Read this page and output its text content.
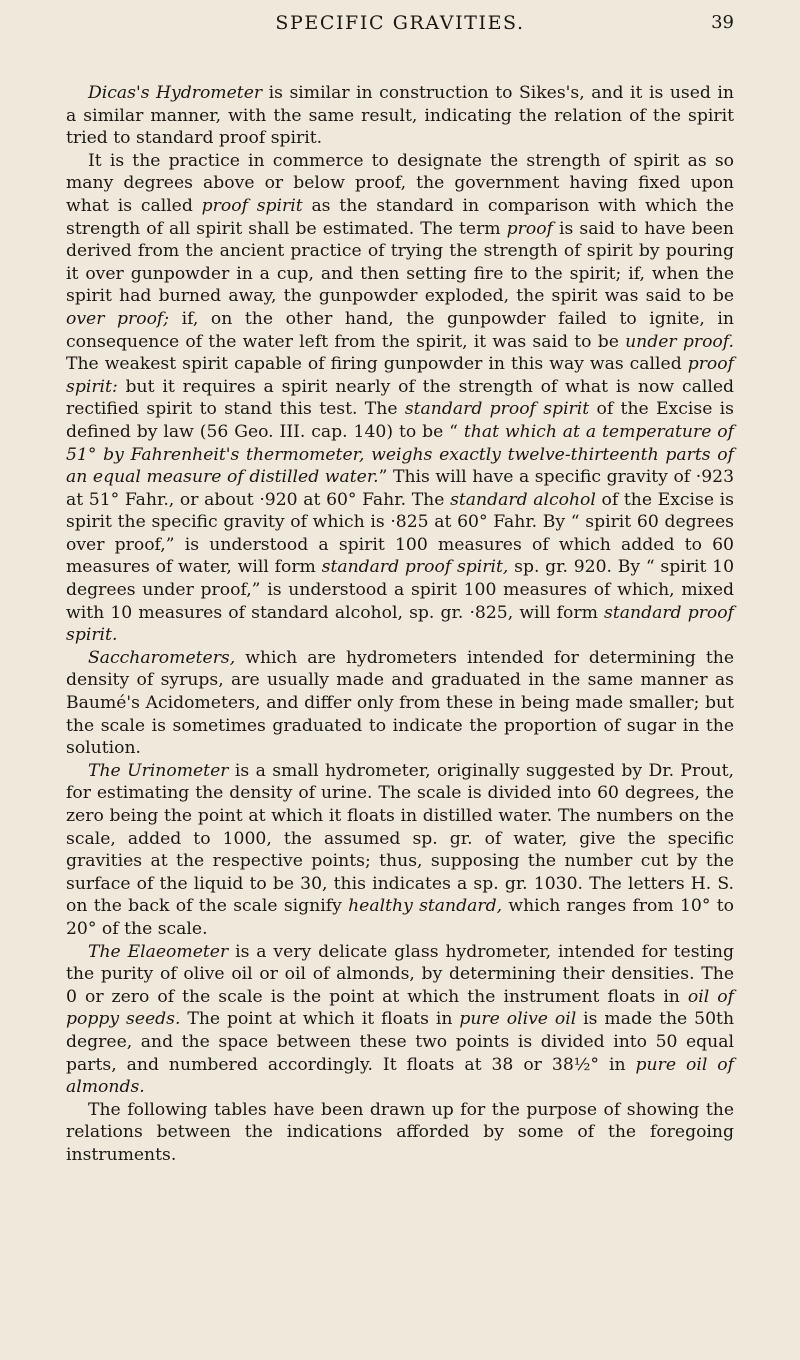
SPECIFIC GRAVITIES.	39

Dicas's Hydrometer is similar in construction to Sikes's, and it is used in a similar manner, with the same result, indicating the relation of the spirit tried to standard proof spirit.

It is the practice in commerce to designate the strength of spirit as so many degrees above or below proof, the government having fixed upon what is called proof spirit as the standard in comparison with which the strength of all spirit shall be estimated. The term proof is said to have been derived from the ancient practice of trying the strength of spirit by pouring it over gunpowder in a cup, and then setting fire to the spirit; if, when the spirit had burned away, the gunpowder exploded, the spirit was said to be over proof; if, on the other hand, the gunpowder failed to ignite, in consequence of the water left from the spirit, it was said to be under proof. The weakest spirit capable of firing gunpowder in this way was called proof spirit: but it requires a spirit nearly of the strength of what is now called rectified spirit to stand this test. The standard proof spirit of the Excise is defined by law (56 Geo. III. cap. 140) to be “ that which at a temperature of 51° by Fahrenheit's thermometer, weighs exactly twelve-thirteenth parts of an equal measure of distilled water.” This will have a specific gravity of ·923 at 51° Fahr., or about ·920 at 60° Fahr. The standard alcohol of the Excise is spirit the specific gravity of which is ·825 at 60° Fahr. By “ spirit 60 degrees over proof,” is understood a spirit 100 measures of which added to 60 measures of water, will form standard proof spirit, sp. gr. 920. By “ spirit 10 degrees under proof,” is understood a spirit 100 measures of which, mixed with 10 measures of standard alcohol, sp. gr. ·825, will form standard proof spirit.

Saccharometers, which are hydrometers intended for determining the density of syrups, are usually made and graduated in the same manner as Baumé's Acidometers, and differ only from these in being made smaller; but the scale is sometimes graduated to indicate the proportion of sugar in the solution.

The Urinometer is a small hydrometer, originally suggested by Dr. Prout, for estimating the density of urine. The scale is divided into 60 degrees, the zero being the point at which it floats in distilled water. The numbers on the scale, added to 1000, the assumed sp. gr. of water, give the specific gravities at the respective points; thus, supposing the number cut by the surface of the liquid to be 30, this indicates a sp. gr. 1030. The letters H. S. on the back of the scale signify healthy standard, which ranges from 10° to 20° of the scale.

The Elaeometer is a very delicate glass hydrometer, intended for testing the purity of olive oil or oil of almonds, by determining their densities. The 0 or zero of the scale is the point at which the instrument floats in oil of poppy seeds. The point at which it floats in pure olive oil is made the 50th degree, and the space between these two points is divided into 50 equal parts, and numbered accordingly. It floats at 38 or 38½° in pure oil of almonds.

The following tables have been drawn up for the purpose of showing the relations between the indications afforded by some of the foregoing instruments.
